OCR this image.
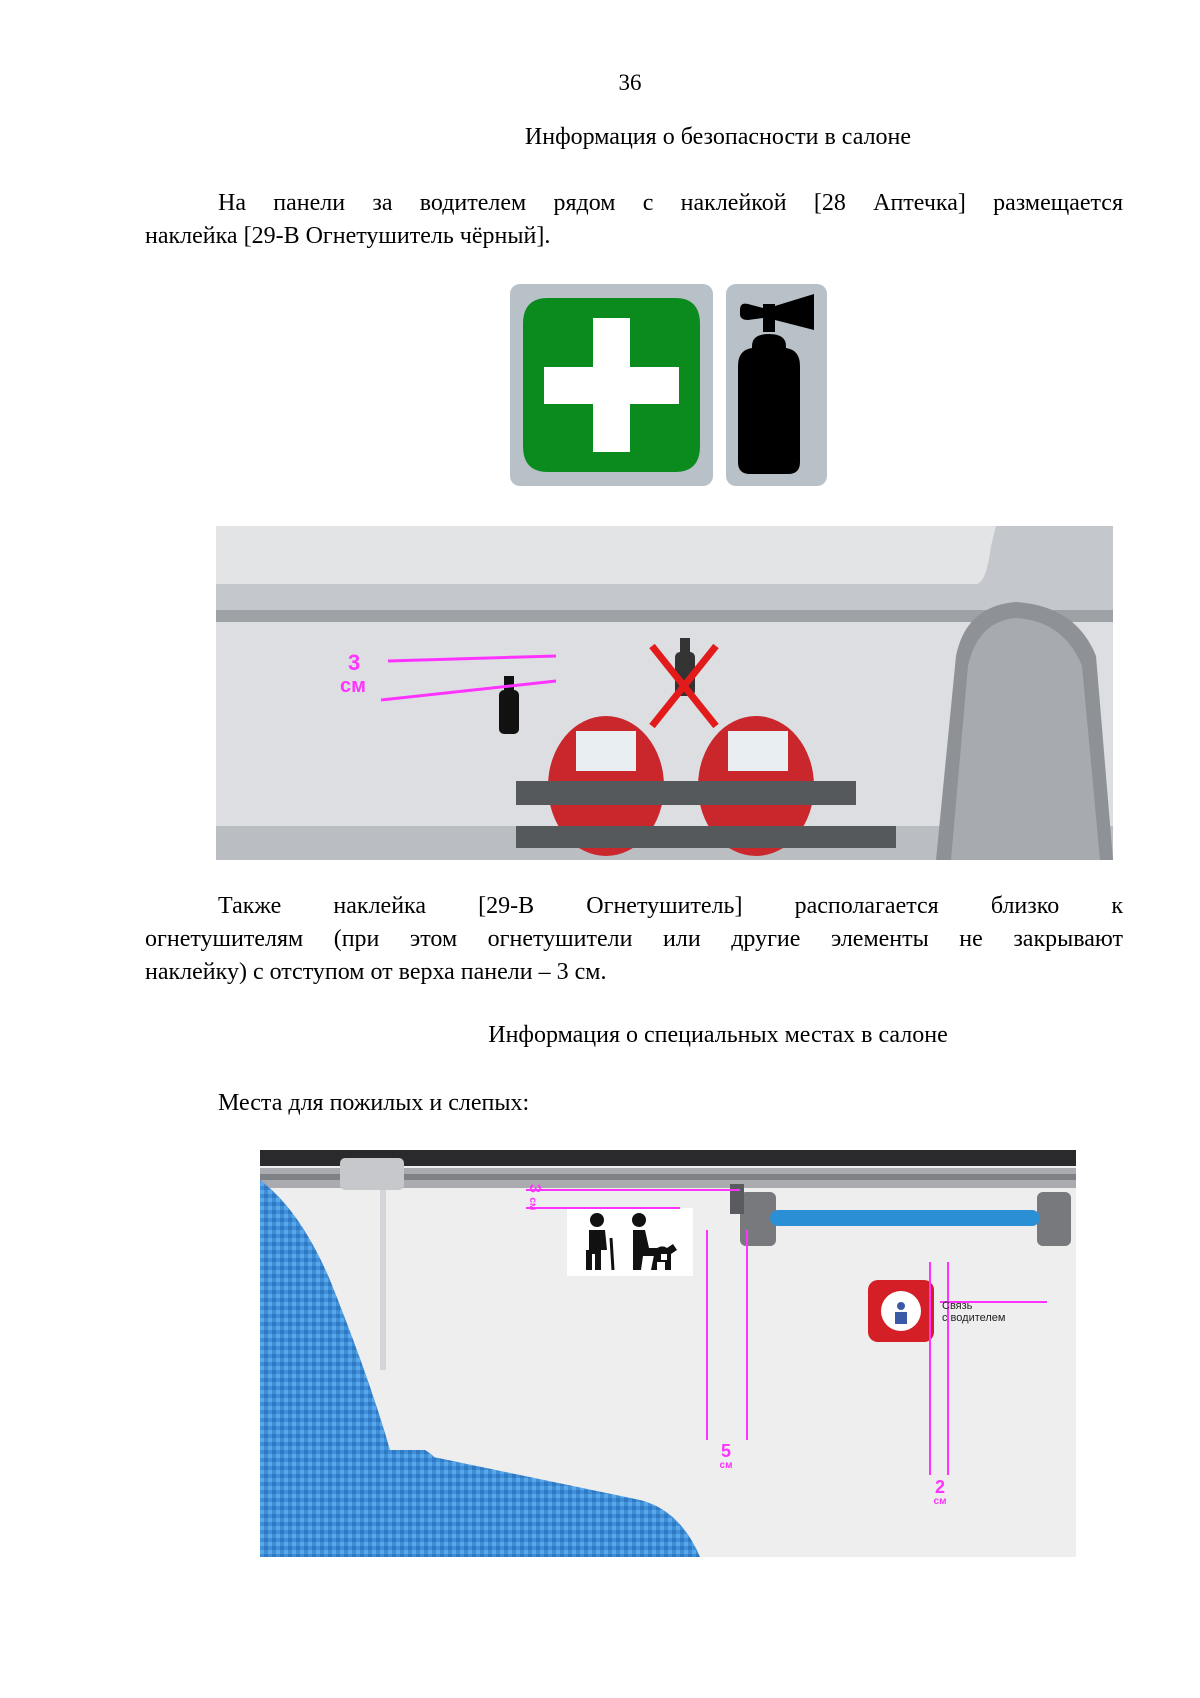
36
Информация о безопасности в салоне
На панели за водителем рядом с наклейкой [28 Аптечка] размещается
наклейка [29-В Огнетушитель чёрный].
3
см
Также наклейка [29-В Огнетушитель] располагается близко к
огнетушителям (при этом огнетушители или другие элементы не закрывают
наклейку) с отступом от верха панели – 3 см.
Информация о специальных местах в салоне
Места для пожилых и слепых:
Связь
с водителем
3 см
5
см
2
см
